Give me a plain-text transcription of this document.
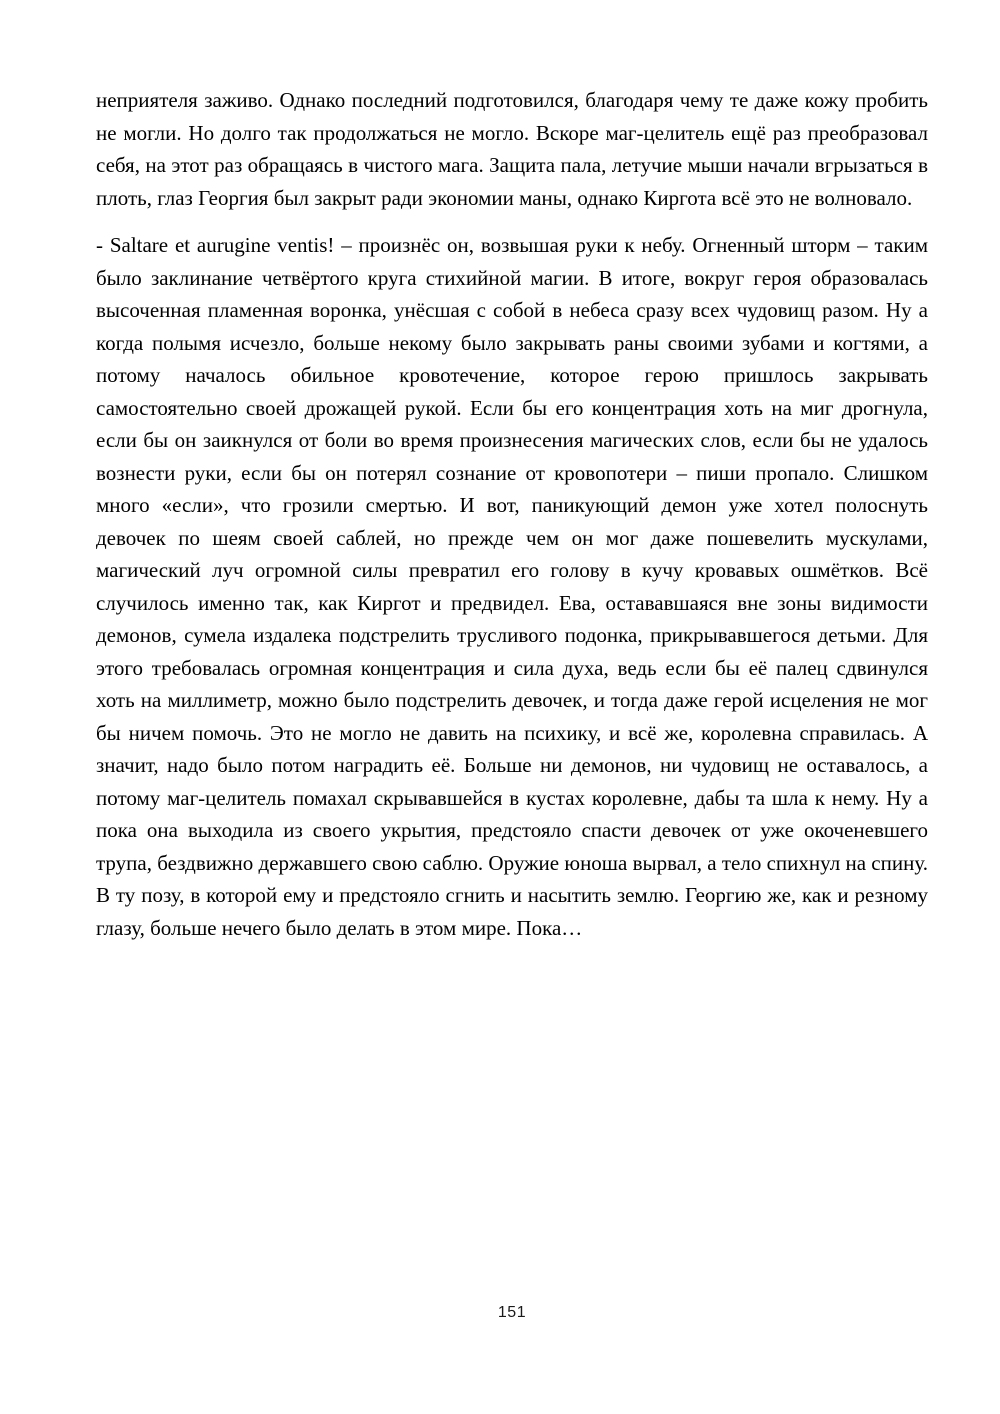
неприятеля заживо. Однако последний подготовился, благодаря чему те даже кожу пробить не могли. Но долго так продолжаться не могло. Вскоре маг-целитель ещё раз преобразовал себя, на этот раз обращаясь в чистого мага. Защита пала, летучие мыши начали вгрызаться в плоть, глаз Георгия был закрыт ради экономии маны, однако Киргота всё это не волновало.

- Saltare et aurugine ventis! – произнёс он, возвышая руки к небу. Огненный шторм – таким было заклинание четвёртого круга стихийной магии. В итоге, вокруг героя образовалась высоченная пламенная воронка, унёсшая с собой в небеса сразу всех чудовищ разом. Ну а когда полымя исчезло, больше некому было закрывать раны своими зубами и когтями, а потому началось обильное кровотечение, которое герою пришлось закрывать самостоятельно своей дрожащей рукой. Если бы его концентрация хоть на миг дрогнула, если бы он заикнулся от боли во время произнесения магических слов, если бы не удалось вознести руки, если бы он потерял сознание от кровопотери – пиши пропало. Слишком много «если», что грозили смертью. И вот, паникующий демон уже хотел полоснуть девочек по шеям своей саблей, но прежде чем он мог даже пошевелить мускулами, магический луч огромной силы превратил его голову в кучу кровавых ошмётков. Всё случилось именно так, как Киргот и предвидел. Ева, остававшаяся вне зоны видимости демонов, сумела издалека подстрелить трусливого подонка, прикрывавшегося детьми. Для этого требовалась огромная концентрация и сила духа, ведь если бы её палец сдвинулся хоть на миллиметр, можно было подстрелить девочек, и тогда даже герой исцеления не мог бы ничем помочь. Это не могло не давить на психику, и всё же, королевна справилась. А значит, надо было потом наградить её. Больше ни демонов, ни чудовищ не оставалось, а потому маг-целитель помахал скрывавшейся в кустах королевне, дабы та шла к нему. Ну а пока она выходила из своего укрытия, предстояло спасти девочек от уже окоченевшего трупа, бездвижно державшего свою саблю. Оружие юноша вырвал, а тело спихнул на спину. В ту позу, в которой ему и предстояло сгнить и насытить землю. Георгию же, как и резному глазу, больше нечего было делать в этом мире. Пока…

151
